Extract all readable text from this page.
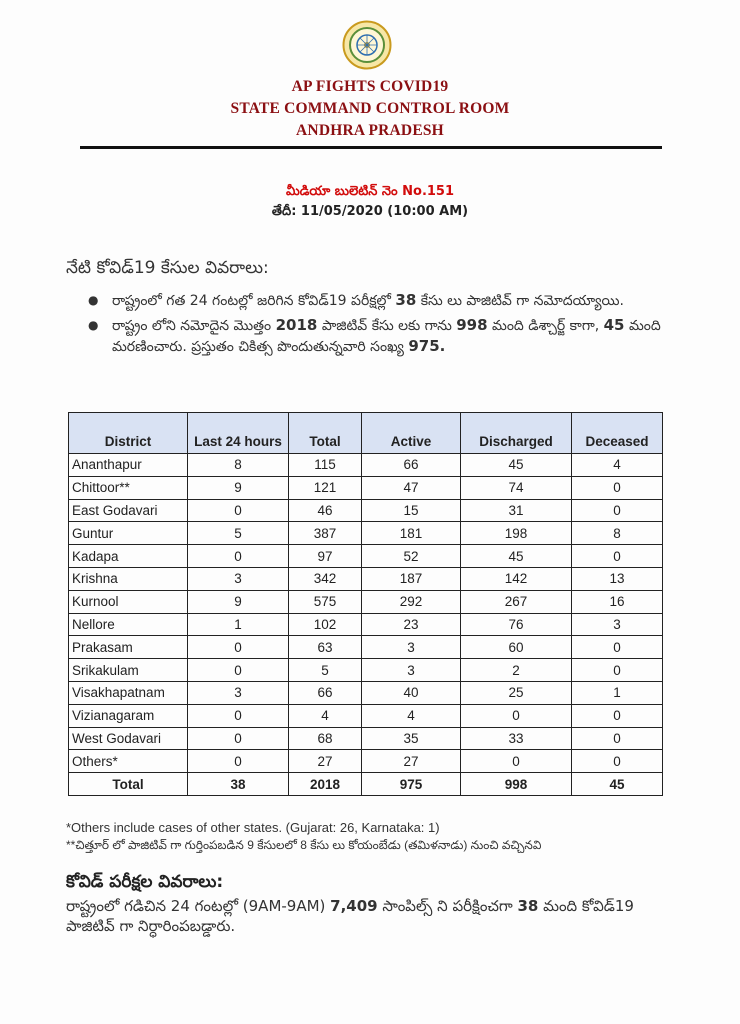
AP FIGHTS COVID19
STATE COMMAND CONTROL ROOM
ANDHRA PRADESH
మీడియా బులెటిన్ నెం No.151
తేదీ: 11/05/2020 (10:00 AM)
నేటి కోవిడ్19 కేసుల వివరాలు:
● రాష్ట్రంలో గత 24 గంటల్లో జరిగిన కోవిడ్19 పరీక్షల్లో 38 కేసు లు పాజిటివ్ గా నమోదయ్యాయి.
● రాష్ట్రం లోని నమోదైన మొత్తం 2018 పాజిటివ్ కేసు లకు గాను 998 మంది డిశ్చార్జ్ కాగా, 45 మంది మరణించారు. ప్రస్తుతం చికిత్స పొందుతున్నవారి సంఖ్య 975.
District	Last 24 hours	Total	Active	Discharged	Deceased
Ananthapur	8	115	66	45	4
Chittoor**	9	121	47	74	0
East Godavari	0	46	15	31	0
Guntur	5	387	181	198	8
Kadapa	0	97	52	45	0
Krishna	3	342	187	142	13
Kurnool	9	575	292	267	16
Nellore	1	102	23	76	3
Prakasam	0	63	3	60	0
Srikakulam	0	5	3	2	0
Visakhapatnam	3	66	40	25	1
Vizianagaram	0	4	4	0	0
West Godavari	0	68	35	33	0
Others*	0	27	27	0	0
Total	38	2018	975	998	45
*Others include cases of other states. (Gujarat: 26, Karnataka: 1)
**చిత్తూర్ లో పాజిటివ్ గా గుర్తింపబడిన 9 కేసులలో 8 కేసు లు కోయంబేడు (తమిళనాడు) నుంచి వచ్చినవి
కోవిడ్ పరీక్షల వివరాలు:
రాష్ట్రంలో గడిచిన 24 గంటల్లో (9AM-9AM) 7,409 సాంపిల్స్ ని పరీక్షించగా 38 మంది కోవిడ్19 పాజిటివ్ గా నిర్ధారింపబడ్డారు.
